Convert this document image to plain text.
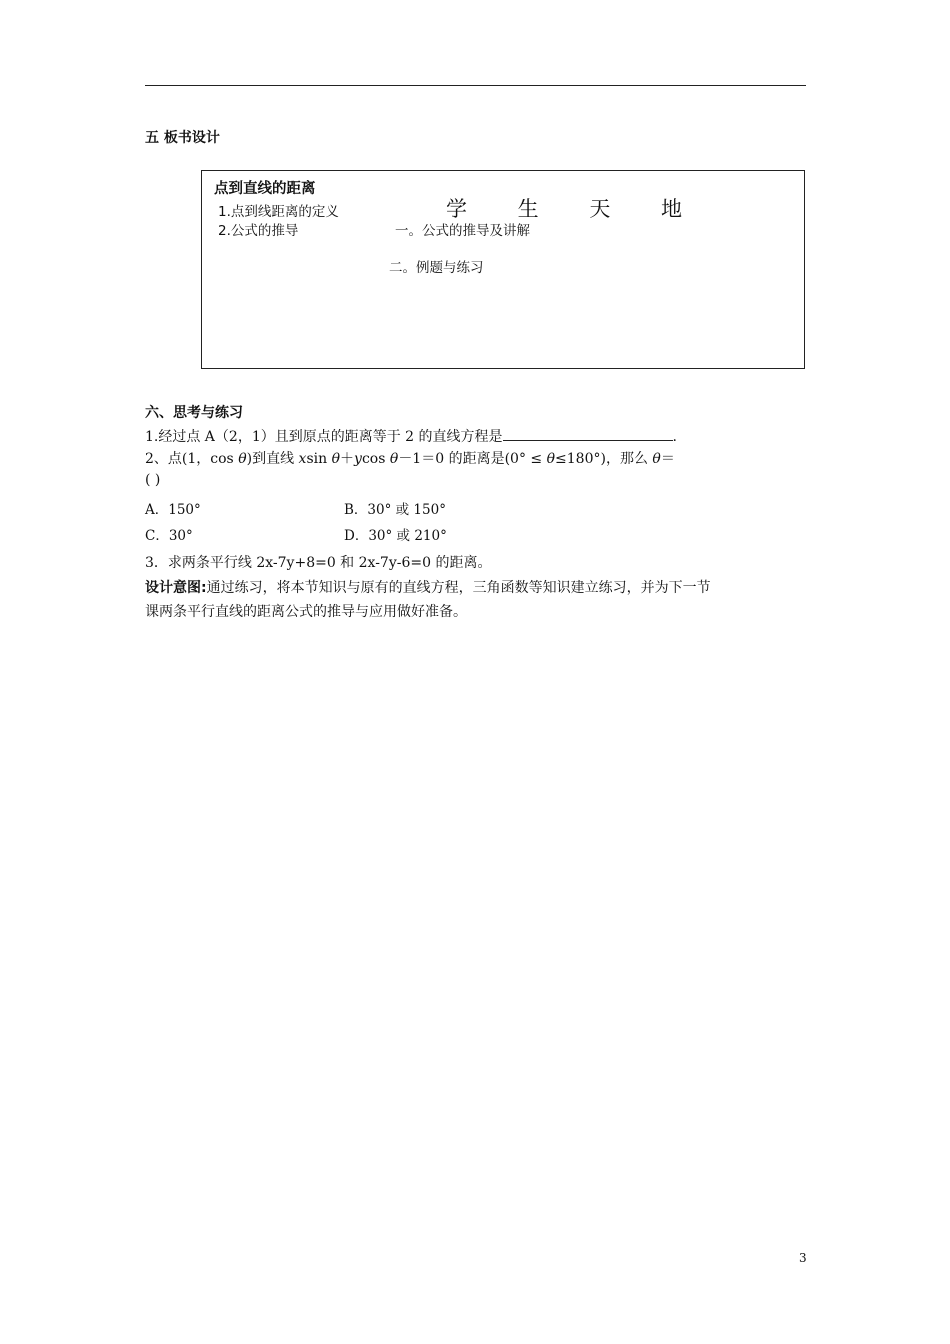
五 板书设计
点到直线的距离
1.点到线距离的定义
2.公式的推导
学 生 天 地
一。公式的推导及讲解
二。例题与练习
六、思考与练习
1.经过点 A（2，1）且到原点的距离等于 2 的直线方程是	.
2、点(1，cos θ)到直线 xsin θ＋ycos θ－1＝0 的距离是(0° ≤ θ≤180°)，那么 θ＝
( )
A．150°	B．30° 或 150°
C．30°	D．30° 或 210°
3．求两条平行线 2x-7y+8=0 和 2x-7y-6=0 的距离。
设计意图:通过练习，将本节知识与原有的直线方程，三角函数等知识建立练习，并为下一节
课两条平行直线的距离公式的推导与应用做好准备。
3
